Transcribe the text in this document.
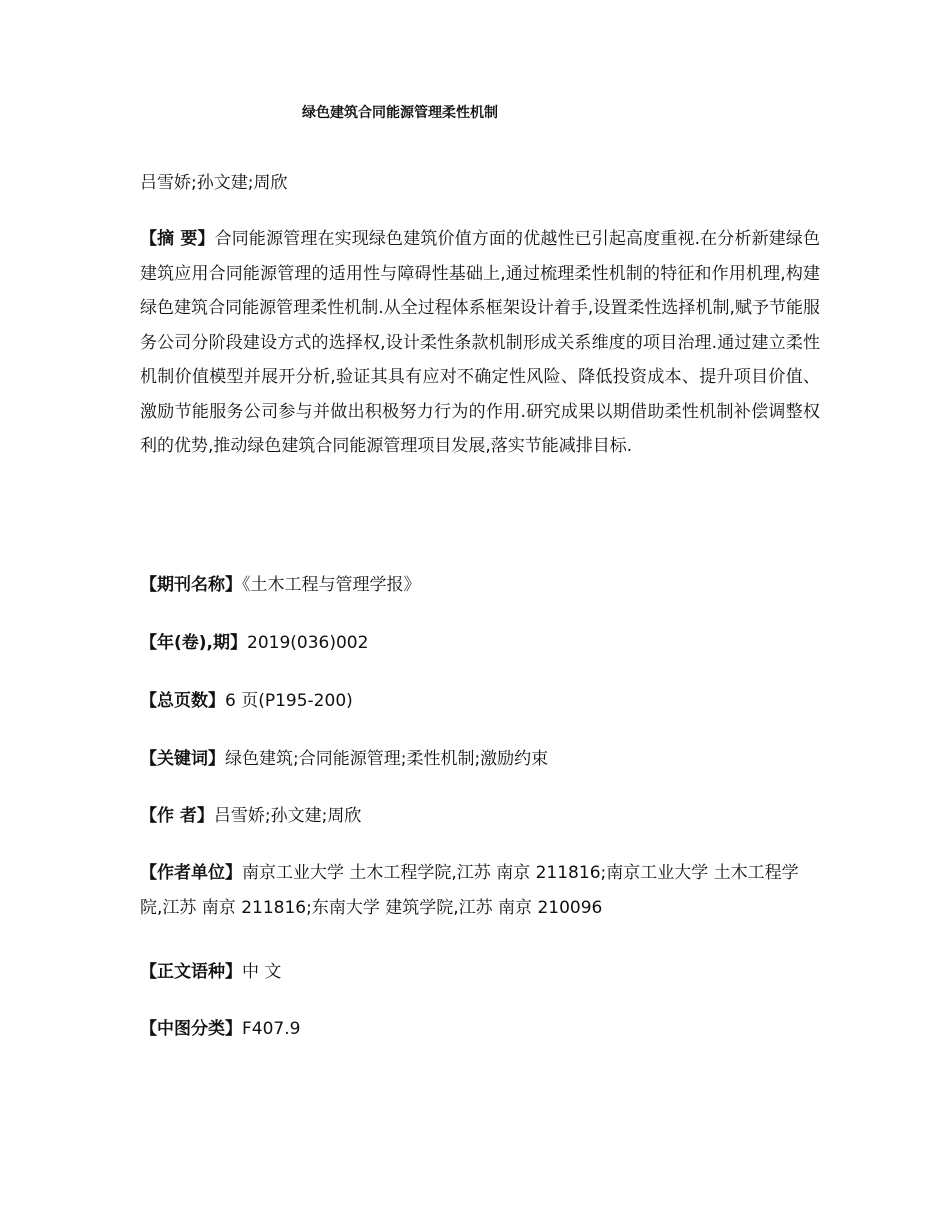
绿色建筑合同能源管理柔性机制
吕雪娇;孙文建;周欣
【摘 要】合同能源管理在实现绿色建筑价值方面的优越性已引起高度重视.在分析新建绿色建筑应用合同能源管理的适用性与障碍性基础上,通过梳理柔性机制的特征和作用机理,构建绿色建筑合同能源管理柔性机制.从全过程体系框架设计着手,设置柔性选择机制,赋予节能服务公司分阶段建设方式的选择权,设计柔性条款机制形成关系维度的项目治理.通过建立柔性机制价值模型并展开分析,验证其具有应对不确定性风险、降低投资成本、提升项目价值、激励节能服务公司参与并做出积极努力行为的作用.研究成果以期借助柔性机制补偿调整权利的优势,推动绿色建筑合同能源管理项目发展,落实节能减排目标.
【期刊名称】《土木工程与管理学报》
【年(卷),期】2019(036)002
【总页数】6 页(P195-200)
【关键词】绿色建筑;合同能源管理;柔性机制;激励约束
【作 者】吕雪娇;孙文建;周欣
【作者单位】南京工业大学 土木工程学院,江苏 南京 211816;南京工业大学 土木工程学院,江苏 南京 211816;东南大学 建筑学院,江苏 南京 210096
【正文语种】中 文
【中图分类】F407.9
